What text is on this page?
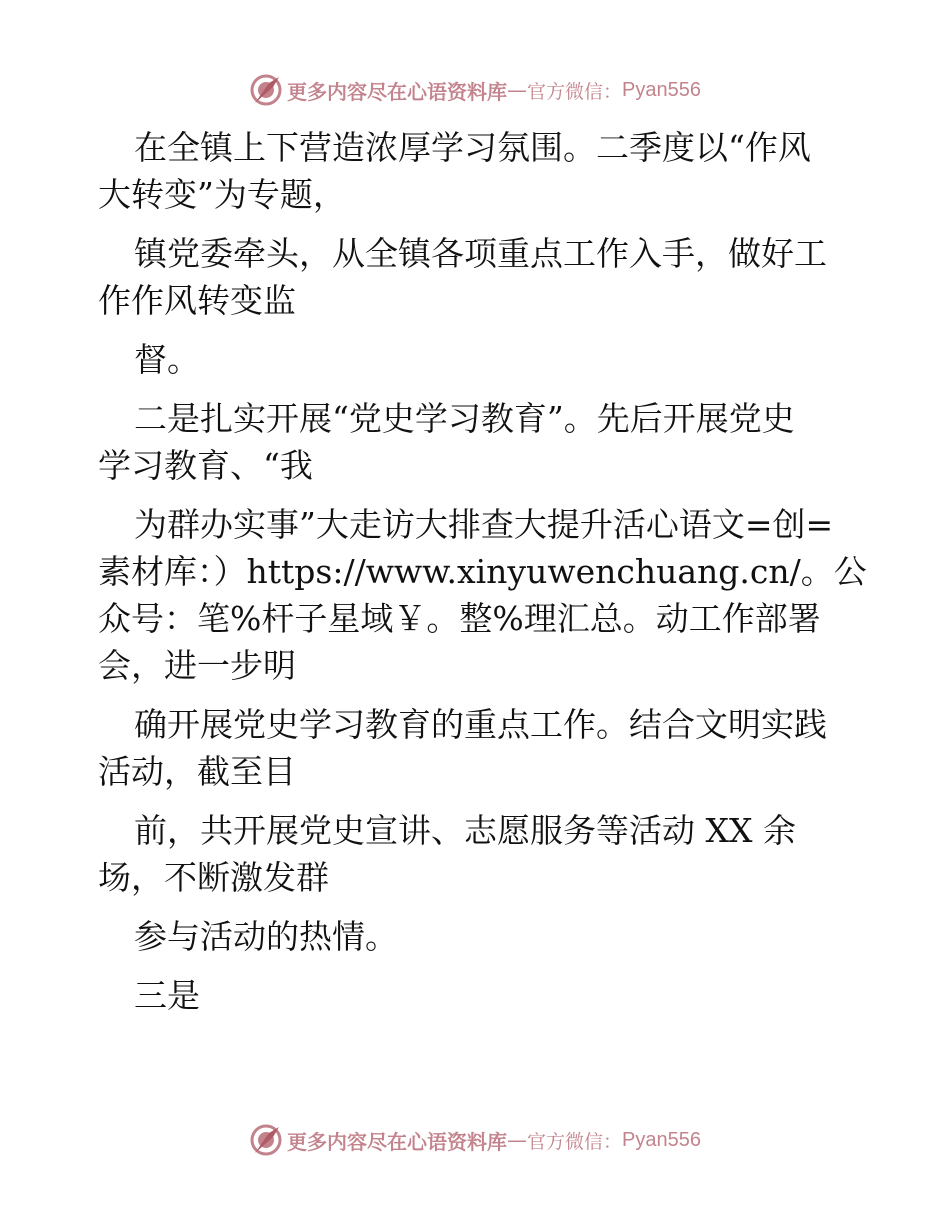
更多内容尽在心语资料库 — 官方微信： Pyan556
在全镇上下营造浓厚学习氛围。二季度以“作风
大转变”为专题，
镇党委牵头，从全镇各项重点工作入手，做好工
作作风转变监
督。
二是扎实开展“党史学习教育”。先后开展党史
学习教育、“我
为群办实事”大走访大排查大提升活心语文=创=
素材库：）https://www.xinyuwenchuang.cn/。公
众号：笔%杆子星域￥。整%理汇总。动工作部署
会，进一步明
确开展党史学习教育的重点工作。结合文明实践
活动，截至目
前，共开展党史宣讲、志愿服务等活动 XX 余
场，不断激发群
参与活动的热情。
三是
更多内容尽在心语资料库 — 官方微信： Pyan556
